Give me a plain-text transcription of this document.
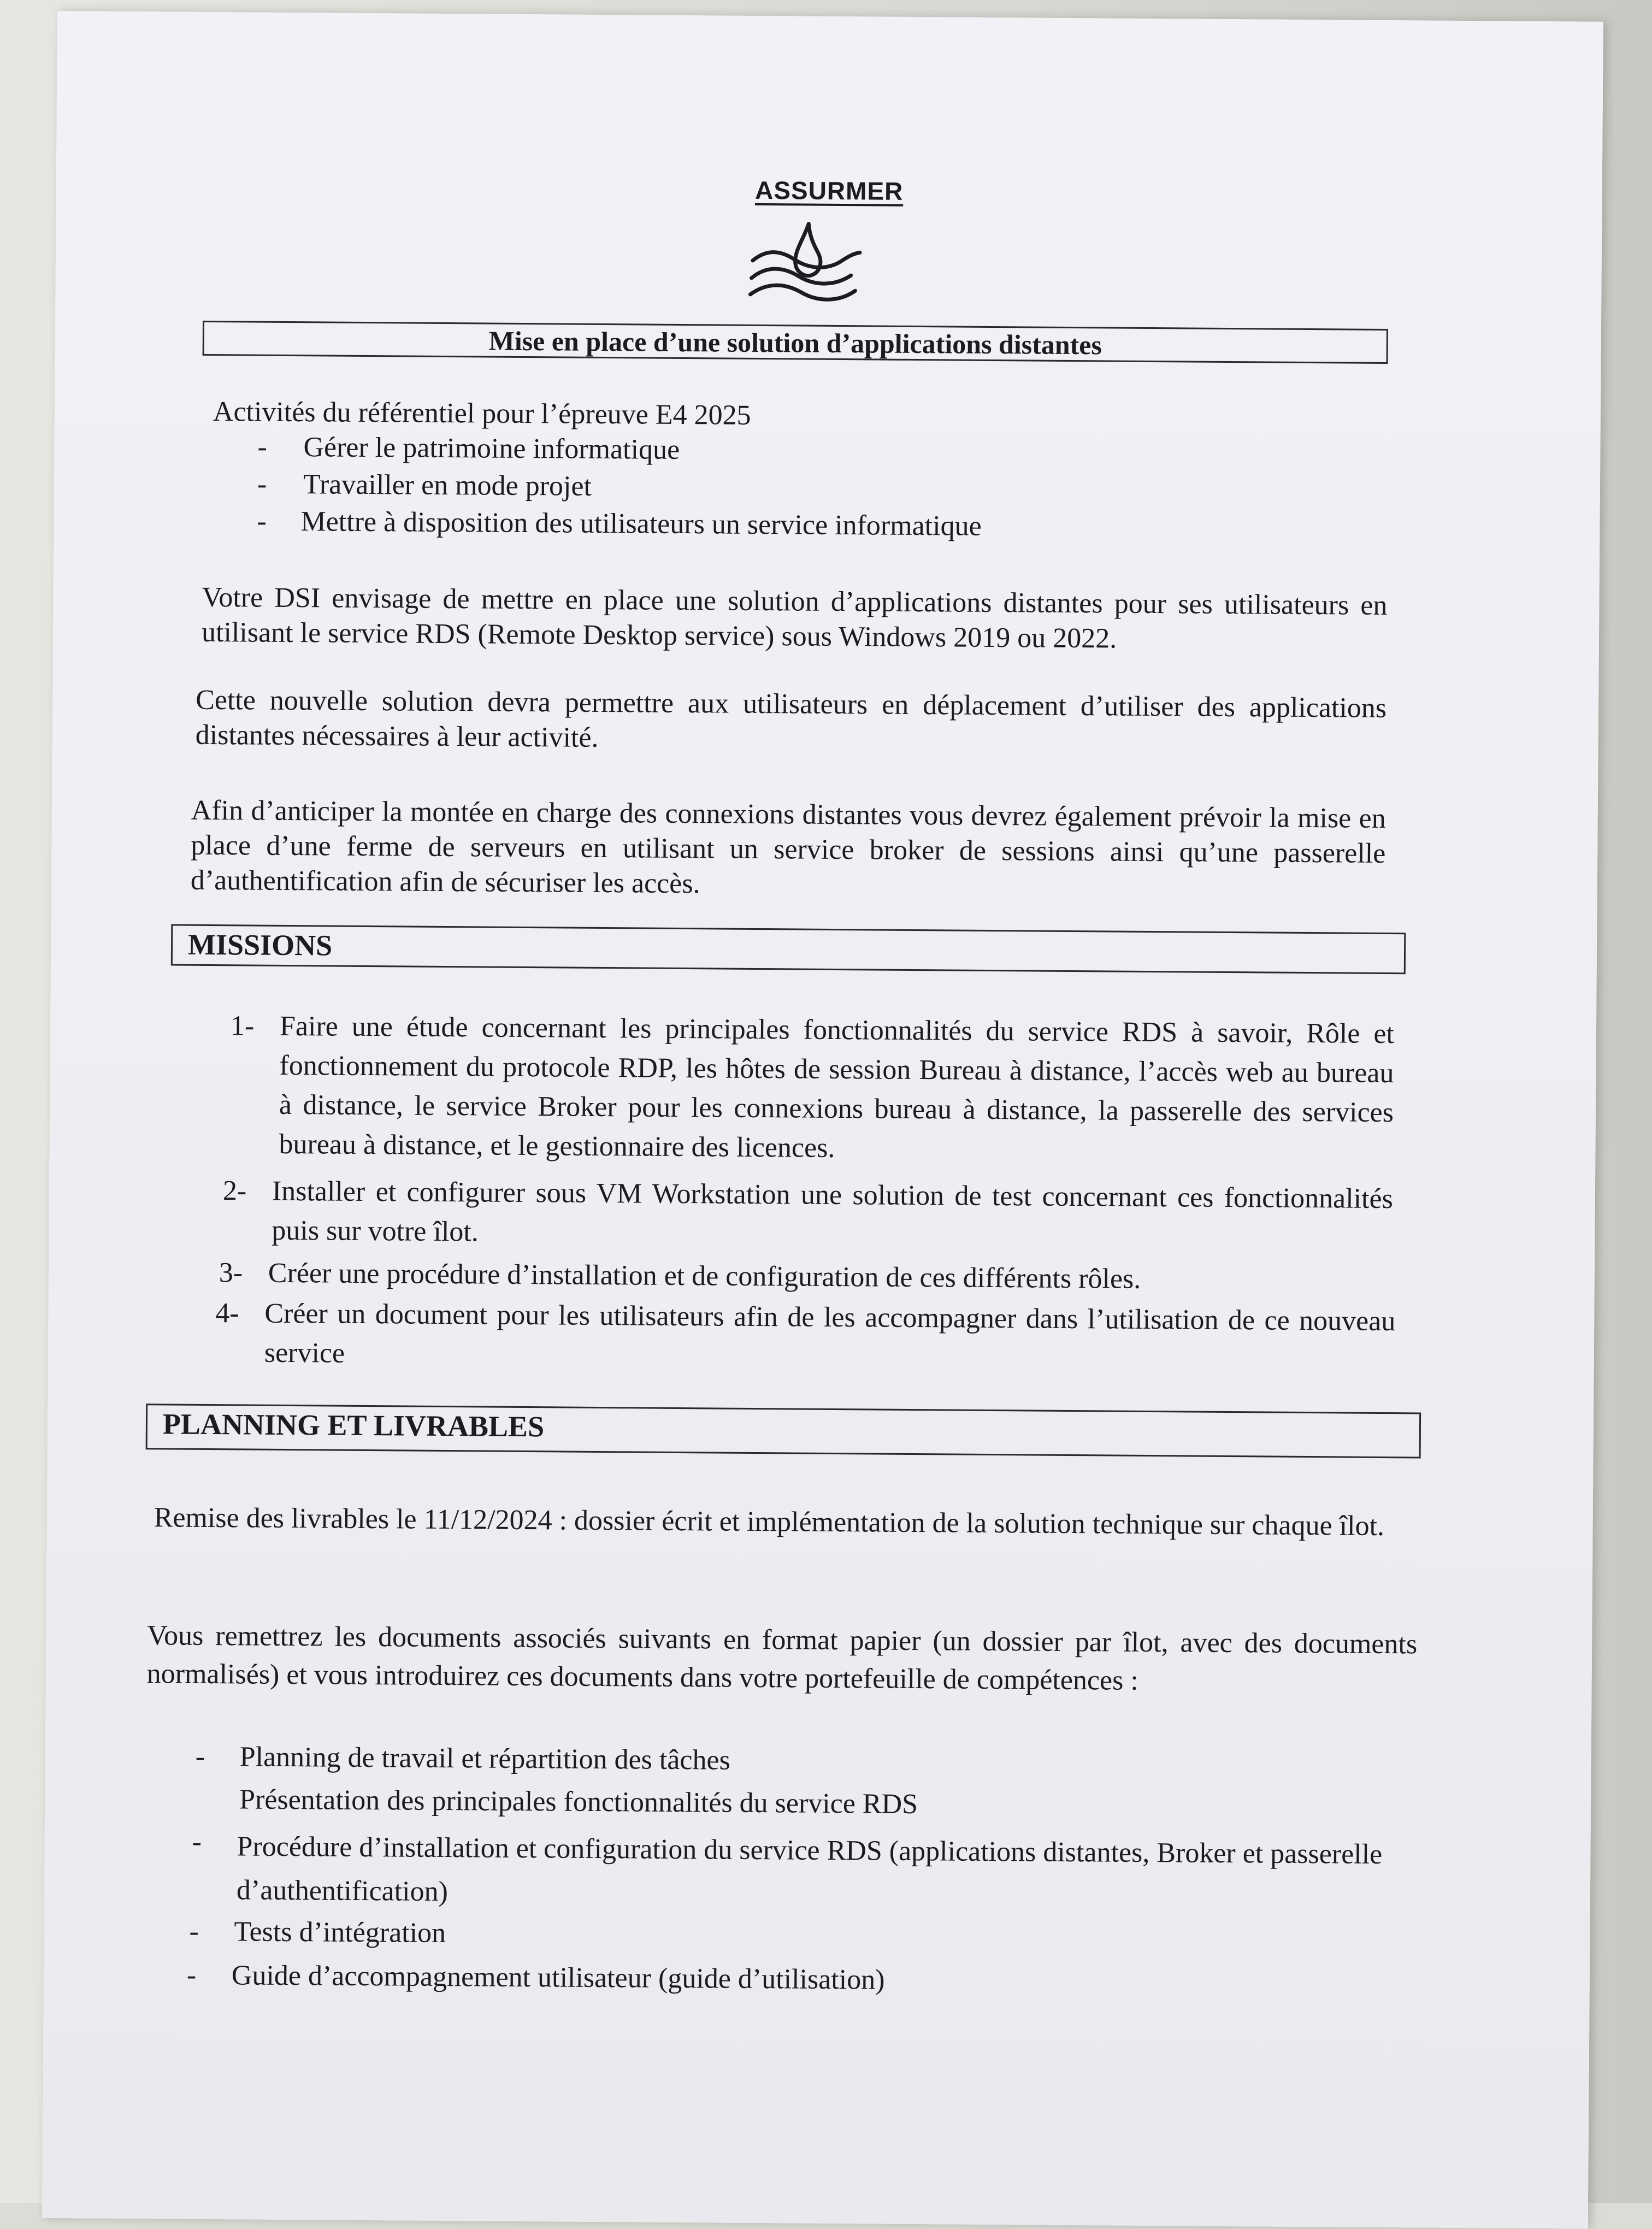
ASSURMER
Mise en place d’une solution d’applications distantes
Activités du référentiel pour l’épreuve E4 2025
- Gérer le patrimoine informatique
- Travailler en mode projet
- Mettre à disposition des utilisateurs un service informatique
Votre DSI envisage de mettre en place une solution d’applications distantes pour ses utilisateurs en utilisant le service RDS (Remote Desktop service) sous Windows 2019 ou 2022.
Cette nouvelle solution devra permettre aux utilisateurs en déplacement d’utiliser des applications distantes nécessaires à leur activité.
Afin d’anticiper la montée en charge des connexions distantes vous devrez également prévoir la mise en place d’une ferme de serveurs en utilisant un service broker de sessions ainsi qu’une passerelle d’authentification afin de sécuriser les accès.
MISSIONS
1- Faire une étude concernant les principales fonctionnalités du service RDS à savoir, Rôle et fonctionnement du protocole RDP, les hôtes de session Bureau à distance, l’accès web au bureau à distance, le service Broker pour les connexions bureau à distance, la passerelle des services bureau à distance, et le gestionnaire des licences.
2- Installer et configurer sous VM Workstation une solution de test concernant ces fonctionnalités puis sur votre îlot.
3- Créer une procédure d’installation et de configuration de ces différents rôles.
4- Créer un document pour les utilisateurs afin de les accompagner dans l’utilisation de ce nouveau service
PLANNING ET LIVRABLES
Remise des livrables le 11/12/2024 : dossier écrit et implémentation de la solution technique sur chaque îlot.
Vous remettrez les documents associés suivants en format papier (un dossier par îlot, avec des documents normalisés) et vous introduirez ces documents dans votre portefeuille de compétences :
- Planning de travail et répartition des tâches
Présentation des principales fonctionnalités du service RDS
- Procédure d’installation et configuration du service RDS (applications distantes, Broker et passerelle d’authentification)
- Tests d’intégration
- Guide d’accompagnement utilisateur (guide d’utilisation)
